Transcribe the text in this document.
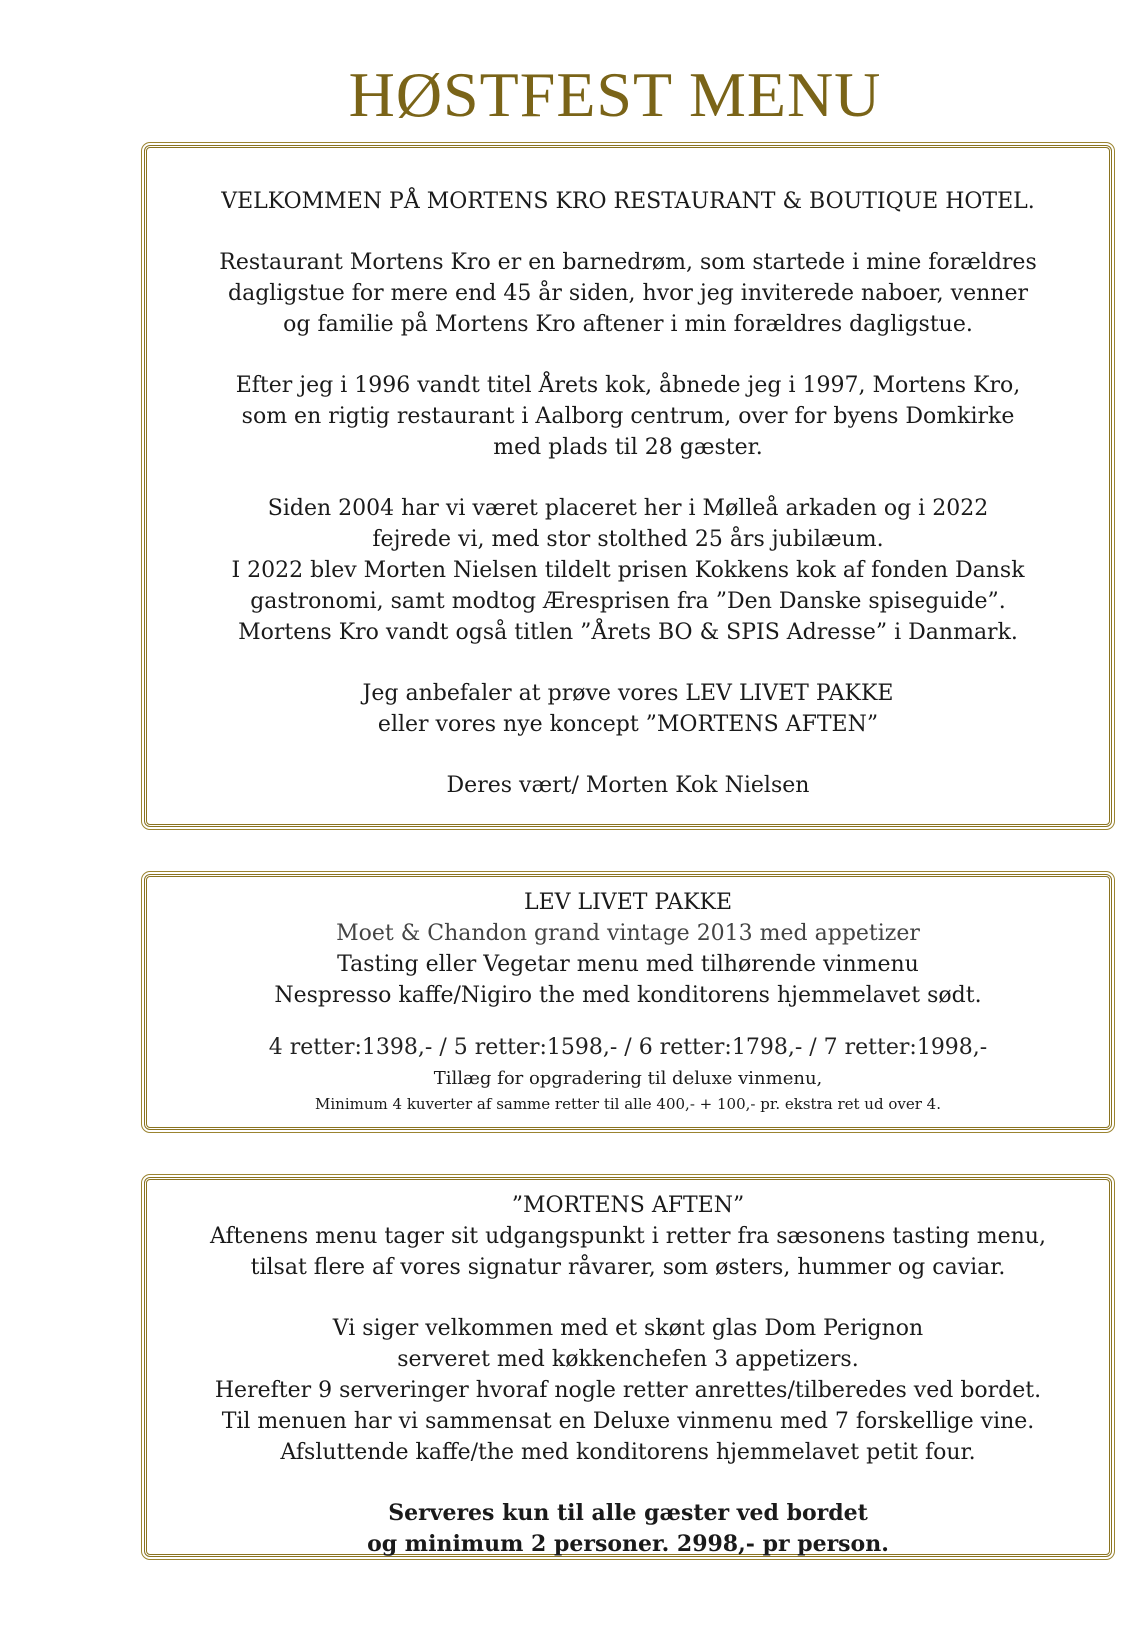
HØSTFEST MENU
VELKOMMEN PÅ MORTENS KRO RESTAURANT & BOUTIQUE HOTEL.
Restaurant Mortens Kro er en barnedrøm, som startede i mine forældres
dagligstue for mere end 45 år siden, hvor jeg inviterede naboer, venner
og familie på Mortens Kro aftener i min forældres dagligstue.
Efter jeg i 1996 vandt titel Årets kok, åbnede jeg i 1997, Mortens Kro,
som en rigtig restaurant i Aalborg centrum, over for byens Domkirke
med plads til 28 gæster.
Siden 2004 har vi været placeret her i Mølleå arkaden og i 2022
fejrede vi, med stor stolthed 25 års jubilæum.
I 2022 blev Morten Nielsen tildelt prisen Kokkens kok af fonden Dansk
gastronomi, samt modtog Æresprisen fra ”Den Danske spiseguide”.
Mortens Kro vandt også titlen ”Årets BO & SPIS Adresse” i Danmark.
Jeg anbefaler at prøve vores LEV LIVET PAKKE
eller vores nye koncept ”MORTENS AFTEN”
Deres vært/ Morten Kok Nielsen
LEV LIVET PAKKE
Moet & Chandon grand vintage 2013 med appetizer
Tasting eller Vegetar menu med tilhørende vinmenu
Nespresso kaffe/Nigiro the med konditorens hjemmelavet sødt.
4 retter:1398,- / 5 retter:1598,- / 6 retter:1798,- / 7 retter:1998,-
Tillæg for opgradering til deluxe vinmenu,
Minimum 4 kuverter af samme retter til alle 400,- + 100,- pr. ekstra ret ud over 4.
”MORTENS AFTEN”
Aftenens menu tager sit udgangspunkt i retter fra sæsonens tasting menu,
tilsat flere af vores signatur råvarer, som østers, hummer og caviar.
Vi siger velkommen med et skønt glas Dom Perignon
serveret med køkkenchefen 3 appetizers.
Herefter 9 serveringer hvoraf nogle retter anrettes/tilberedes ved bordet.
Til menuen har vi sammensat en Deluxe vinmenu med 7 forskellige vine.
Afsluttende kaffe/the med konditorens hjemmelavet petit four.
Serveres kun til alle gæster ved bordet
og minimum 2 personer. 2998,- pr person.
